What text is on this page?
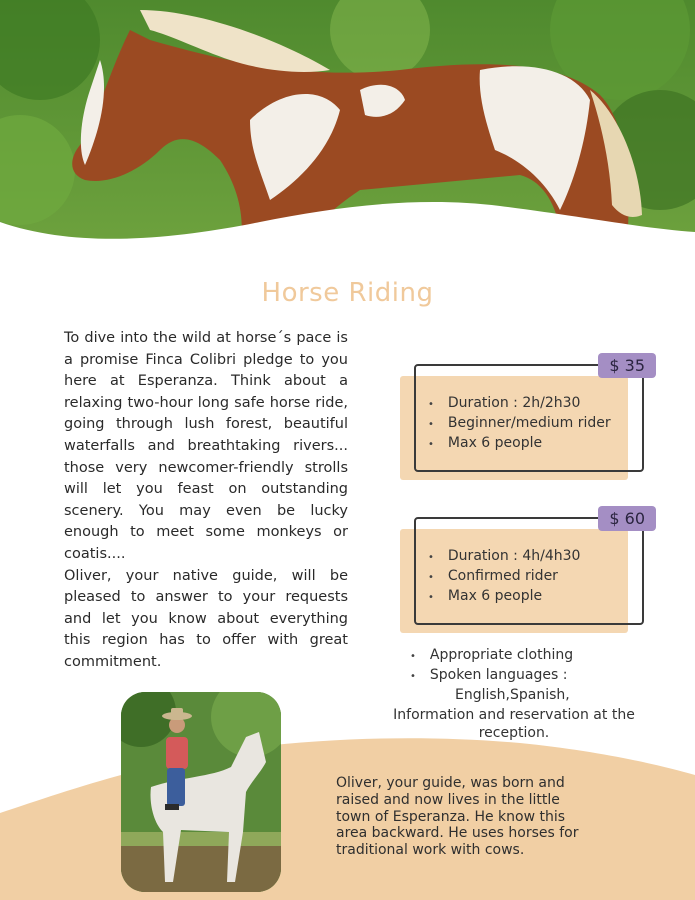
Horse Riding

To dive into the wild at horse´s pace is a promise Finca Colibri pledge to you here at Esperanza. Think about a relaxing two-hour long safe horse ride, going through lush forest, beautiful waterfalls and breathtaking rivers... those very newcomer-friendly strolls will let you feast on outstanding scenery. You may even be lucky enough to meet some monkeys or coatis....

Oliver, your native guide, will be pleased to answer to your requests and let you know about everything this region has to offer with great commitment.

$ 35
• Duration : 2h/2h30
• Beginner/medium rider
• Max 6 people
$ 60
• Duration : 4h/4h30
• Confirmed rider
• Max 6 people
• Appropriate clothing
• Spoken languages :
English,Spanish,
Information and reservation at the reception.
Oliver, your guide, was born and raised and now lives in the little town of Esperanza. He know this area backward. He uses horses for traditional work with cows.
